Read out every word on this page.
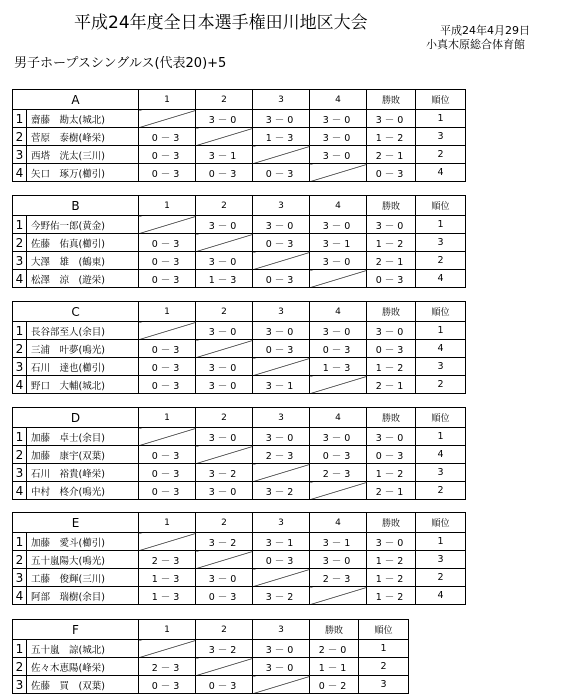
平成24年度全日本選手権田川地区大会	平成24年4月29日
小真木原総合体育館
男子ホープスシングルス(代表20)+5
A		1	2	3	4	勝敗	順位
1	齋藤　勘太(城北)		3－0	3－0	3－0	3－0	1
2	菅原　泰樹(峰栄)	0－3		1－3	3－0	1－2	3
3	西塔　洸太(三川)	0－3	3－1		3－0	2－1	2
4	矢口　琢万(櫛引)	0－3	0－3	0－3		0－3	4
B		1	2	3	4	勝敗	順位
1	今野佑一郎(黄金)		3－0	3－0	3－0	3－0	1
2	佐藤　佑真(櫛引)	0－3		0－3	3－1	1－2	3
3	大澤　雄　(鶴東)	0－3	3－0		3－0	2－1	2
4	松澤　涼　(遊栄)	0－3	1－3	0－3		0－3	4
C		1	2	3	4	勝敗	順位
1	長谷部至人(余目)		3－0	3－0	3－0	3－0	1
2	三浦　叶夢(鳴光)	0－3		0－3	0－3	0－3	4
3	石川　達也(櫛引)	0－3	3－0		1－3	1－2	3
4	野口　大輔(城北)	0－3	3－0	3－1		2－1	2
D		1	2	3	4	勝敗	順位
1	加藤　卓士(余目)		3－0	3－0	3－0	3－0	1
2	加藤　康宇(双葉)	0－3		2－3	0－3	0－3	4
3	石川　裕貴(峰栄)	0－3	3－2		2－3	1－2	3
4	中村　柊介(鳴光)	0－3	3－0	3－2		2－1	2
E		1	2	3	4	勝敗	順位
1	加藤　愛斗(櫛引)		3－2	3－1	3－1	3－0	1
2	五十嵐陽大(鳴光)	2－3		0－3	3－0	1－2	3
3	工藤　俊輝(三川)	1－3	3－0		2－3	1－2	2
4	阿部　瑞樹(余目)	1－3	0－3	3－2		1－2	4
F		1	2	3	勝敗	順位
1	五十嵐　諒(城北)		3－2	3－0	2－0	1
2	佐々木恵陽(峰栄)	2－3		3－0	1－1	2
3	佐藤　買　(双葉)	0－3	0－3		0－2	3
